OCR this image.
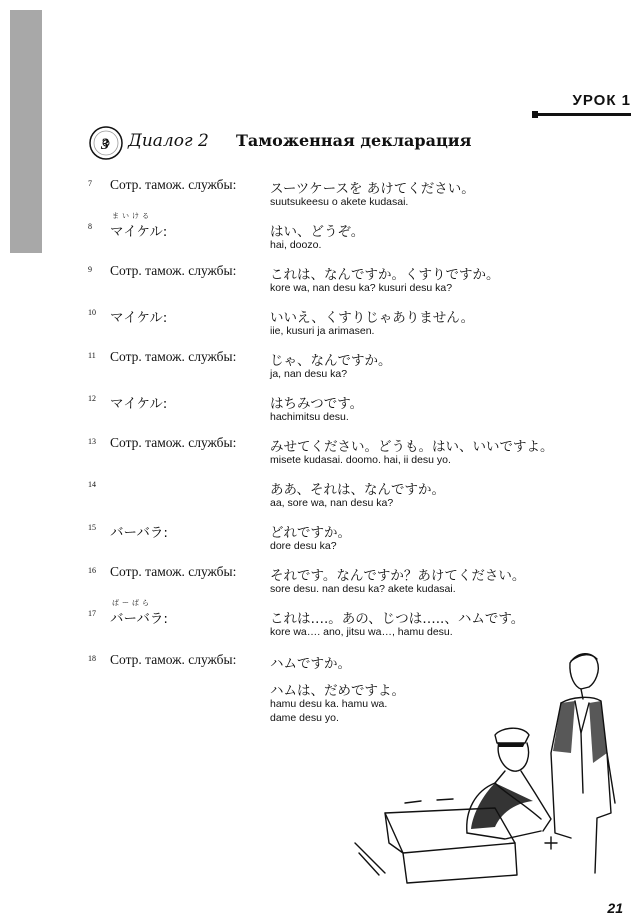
УРОК 1
3 Диалог 2 Таможенная декларация
7 Сотр. тамож. службы: スーツケースを あけてください。
suutsukeesu o akete kudasai.
8
まいける
マイケル:	はい、どうぞ。
hai, doozo.
9 Сотр. тамож. службы: これは、なんですか。くすりですか。
kore wa, nan desu ka? kusuri desu ka?
10 マイケル:	いいえ、くすりじゃありません。
iie, kusuri ja arimasen.
11 Сотр. тамож. службы: じゃ、なんですか。
ja, nan desu ka?
12 マイケル:	はちみつです。
hachimitsu desu.
13 Сотр. тамож. службы: みせてください。どうも。はい、いいですよ。
misete kudasai. doomo. hai, ii desu yo.
14	ああ、それは、なんですか。
aa, sore wa, nan desu ka?
15 バーバラ:	どれですか。
dore desu ka?
16 Сотр. тамож. службы: それです。なんですか？あけてください。
sore desu. nan desu ka? akete kudasai.
17
ばーばら
バーバラ:	これは….。あの、じつは…..、ハムです。
kore wa…. ano, jitsu wa…, hamu desu.
18 Сотр. тамож. службы: ハムですか。
ハムは、だめですよ。
hamu desu ka. hamu wa.
dame desu yo.
21
